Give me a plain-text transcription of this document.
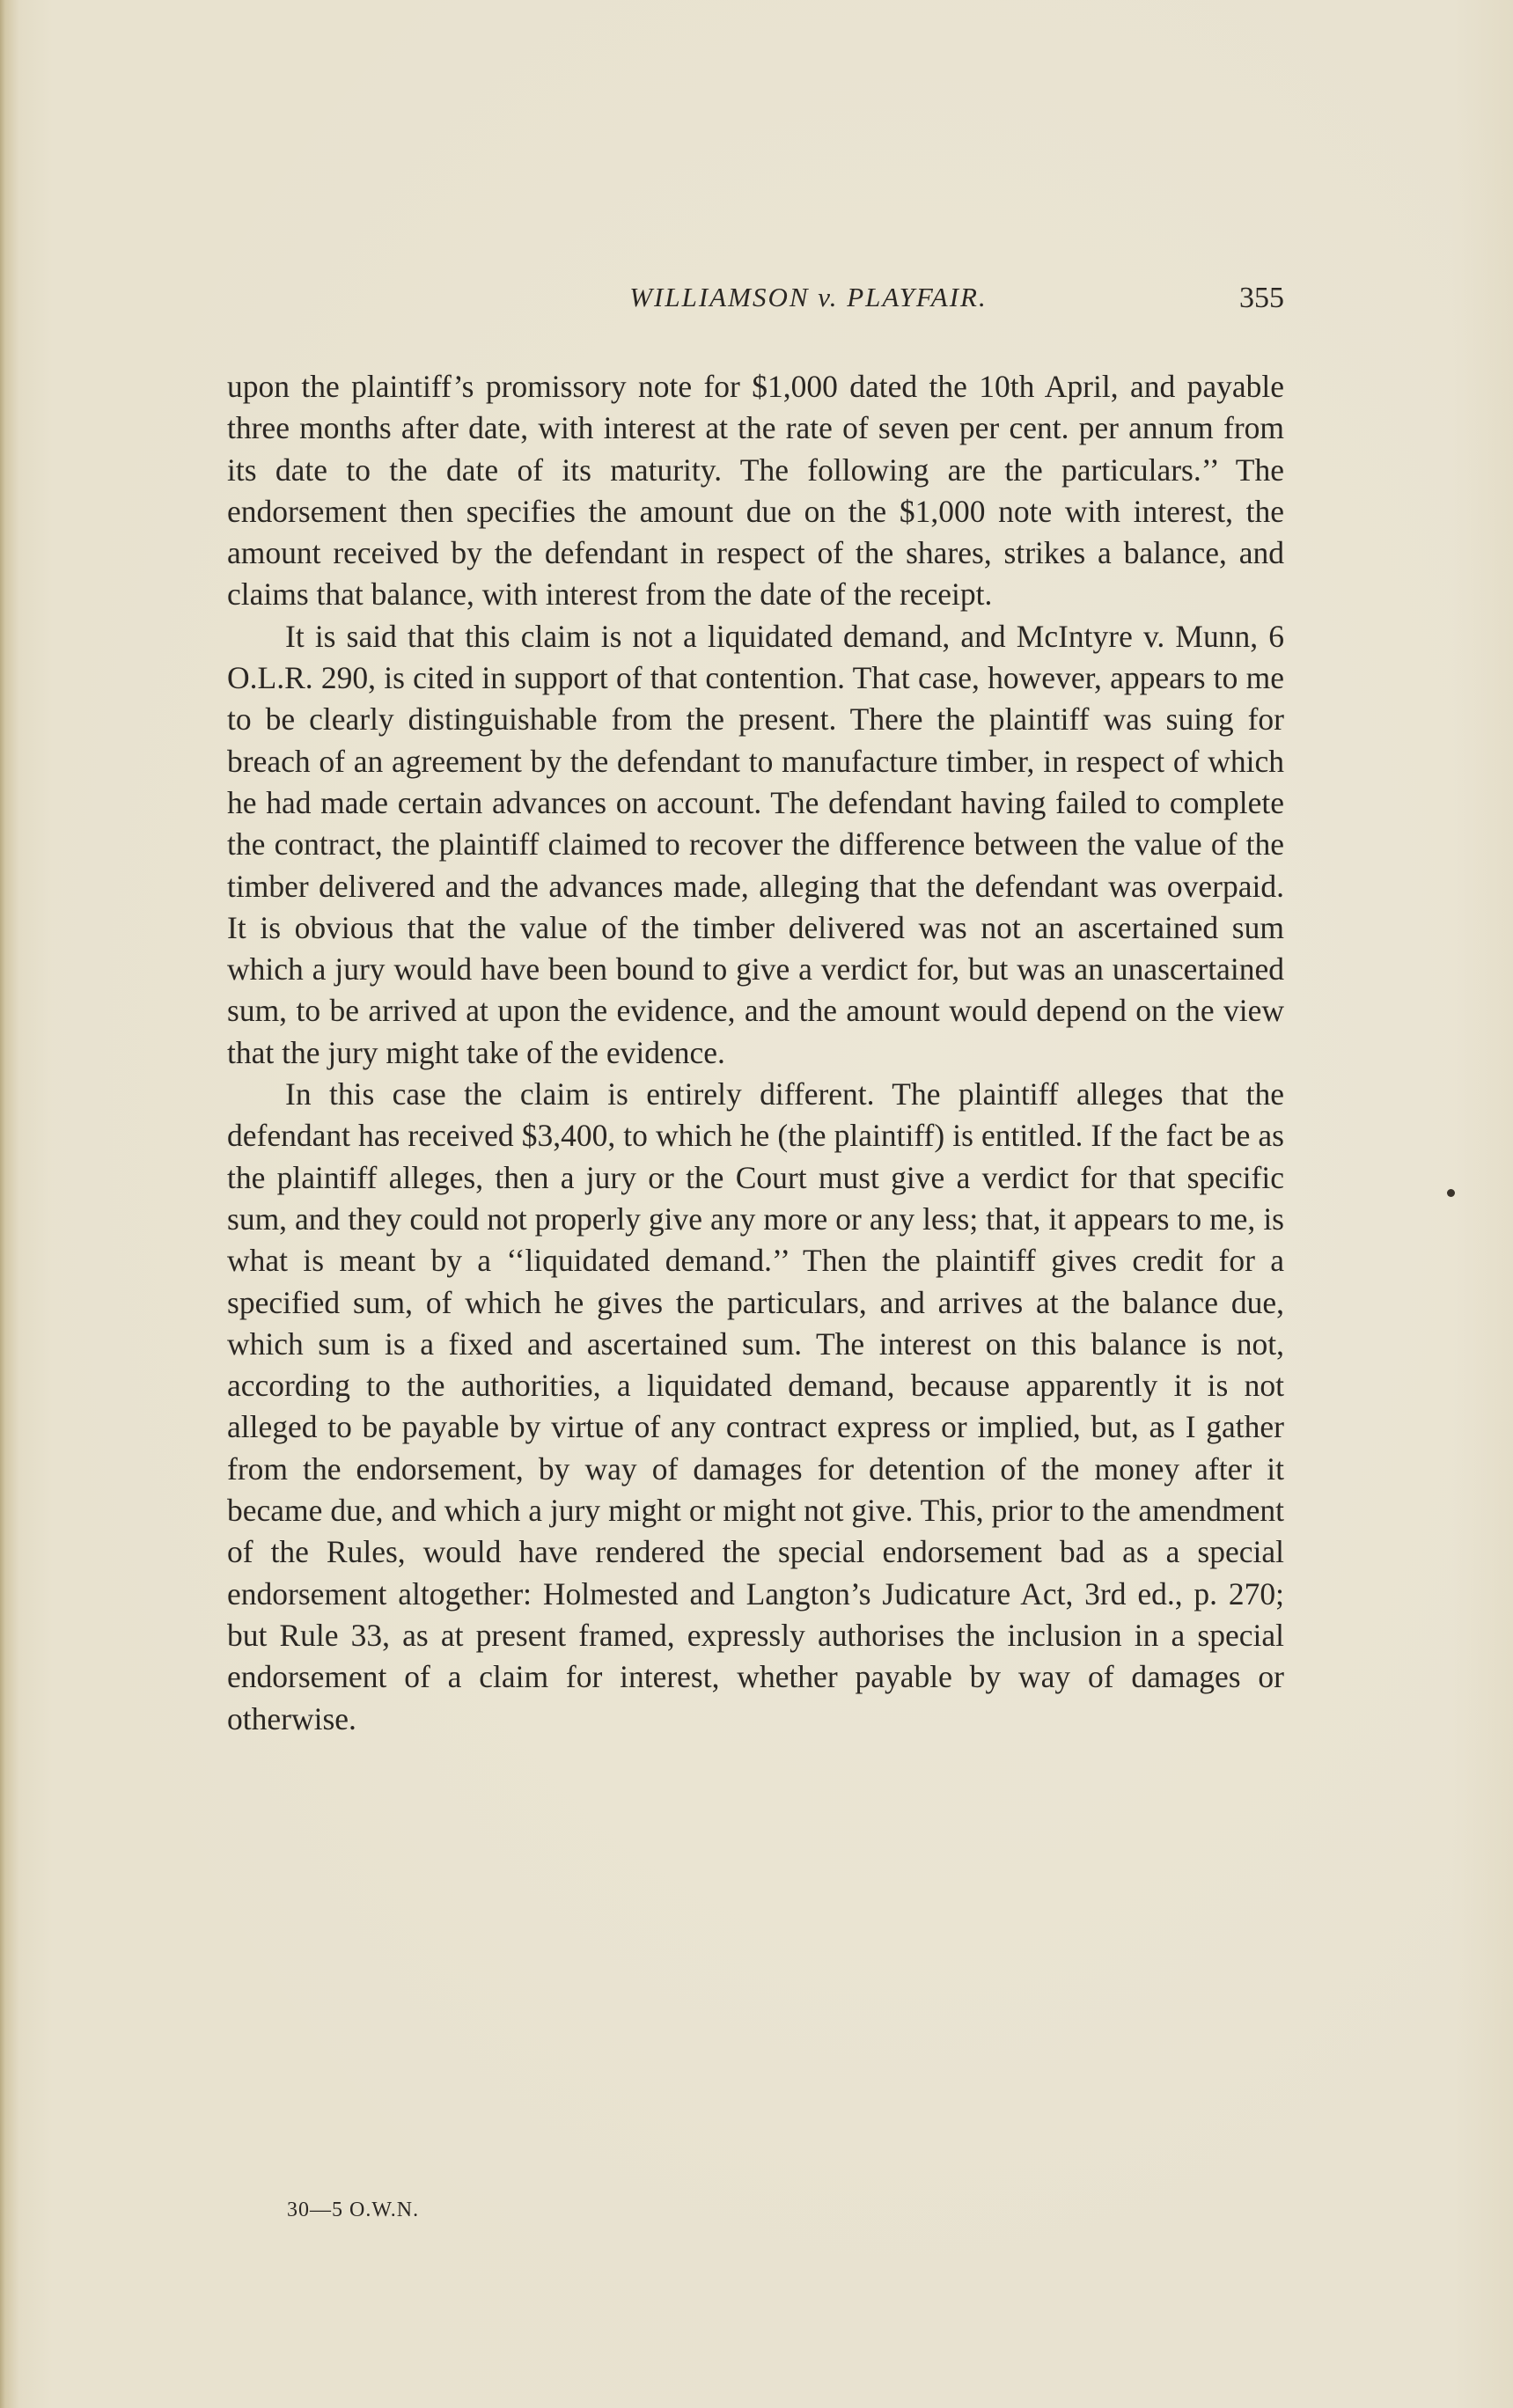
WILLIAMSON v. PLAYFAIR.	355

upon the plaintiff’s promissory note for $1,000 dated the 10th April, and payable three months after date, with interest at the rate of seven per cent. per annum from its date to the date of its maturity. The following are the particulars.’’ The endorsement then specifies the amount due on the $1,000 note with interest, the amount received by the defendant in respect of the shares, strikes a balance, and claims that balance, with interest from the date of the receipt.

It is said that this claim is not a liquidated demand, and McIntyre v. Munn, 6 O.L.R. 290, is cited in support of that contention. That case, however, appears to me to be clearly distinguishable from the present. There the plaintiff was suing for breach of an agreement by the defendant to manufacture timber, in respect of which he had made certain advances on account. The defendant having failed to complete the contract, the plaintiff claimed to recover the difference between the value of the timber delivered and the advances made, alleging that the defendant was overpaid. It is obvious that the value of the timber delivered was not an ascertained sum which a jury would have been bound to give a verdict for, but was an unascertained sum, to be arrived at upon the evidence, and the amount would depend on the view that the jury might take of the evidence.

In this case the claim is entirely different. The plaintiff alleges that the defendant has received $3,400, to which he (the plaintiff) is entitled. If the fact be as the plaintiff alleges, then a jury or the Court must give a verdict for that specific sum, and they could not properly give any more or any less; that, it appears to me, is what is meant by a ‘‘liquidated demand.’’ Then the plaintiff gives credit for a specified sum, of which he gives the particulars, and arrives at the balance due, which sum is a fixed and ascertained sum. The interest on this balance is not, according to the authorities, a liquidated demand, because apparently it is not alleged to be payable by virtue of any contract express or implied, but, as I gather from the endorsement, by way of damages for detention of the money after it became due, and which a jury might or might not give. This, prior to the amendment of the Rules, would have rendered the special endorsement bad as a special endorsement altogether: Holmested and Langton’s Judicature Act, 3rd ed., p. 270; but Rule 33, as at present framed, expressly authorises the inclusion in a special endorsement of a claim for interest, whether payable by way of damages or otherwise.

30—5 O.W.N.
